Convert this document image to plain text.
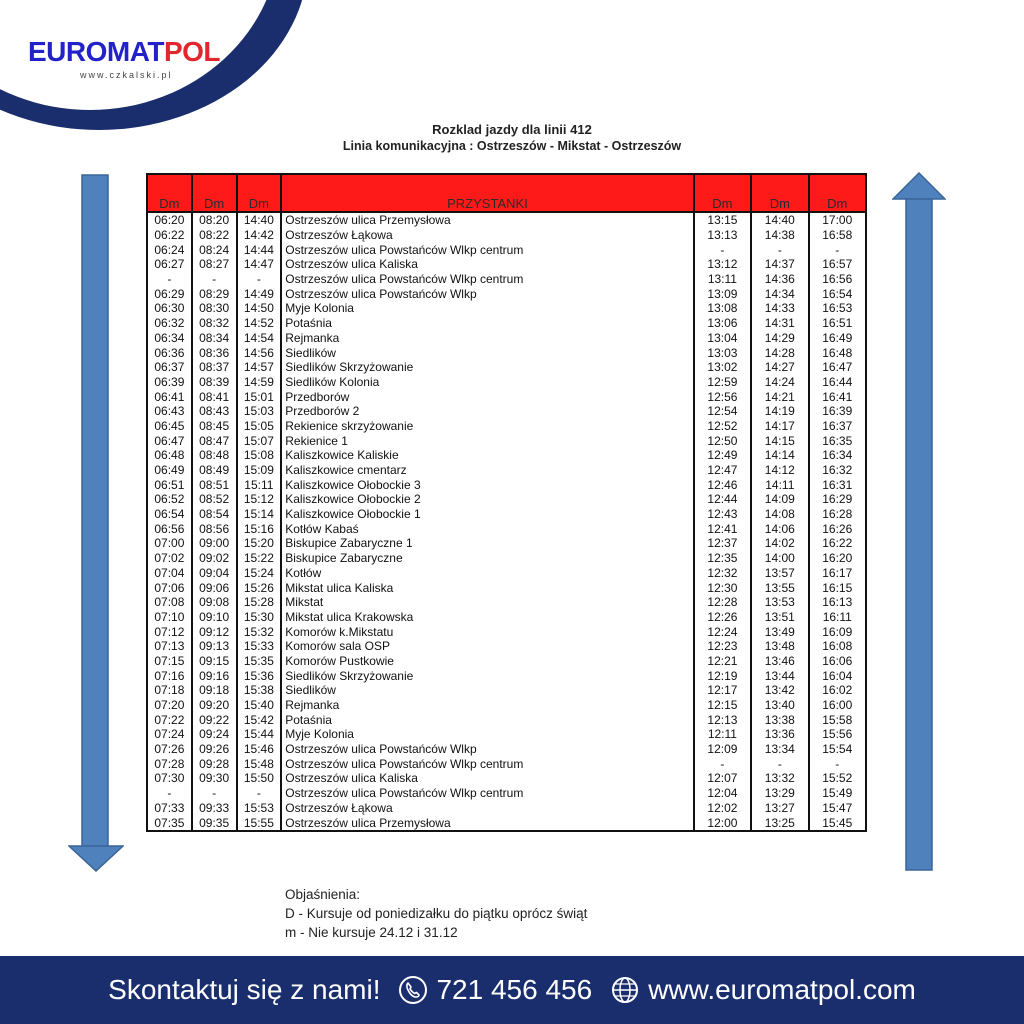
EUROMATPOL
www.czkalski.pl
Rozklad jazdy dla linii 412
Linia komunikacyjna : Ostrzeszów - Mikstat - Ostrzeszów
Dm	Dm	Dm	PRZYSTANKI	Dm	Dm	Dm
06:20	08:20	14:40	Ostrzeszów ulica Przemysłowa	13:15	14:40	17:00
06:22	08:22	14:42	Ostrzeszów Łąkowa	13:13	14:38	16:58
06:24	08:24	14:44	Ostrzeszów ulica Powstańców Wlkp centrum	-	-	-
06:27	08:27	14:47	Ostrzeszów ulica Kaliska	13:12	14:37	16:57
-	-	-	Ostrzeszów ulica Powstańców Wlkp centrum	13:11	14:36	16:56
06:29	08:29	14:49	Ostrzeszów ulica Powstańców Wlkp	13:09	14:34	16:54
06:30	08:30	14:50	Myje Kolonia	13:08	14:33	16:53
06:32	08:32	14:52	Potaśnia	13:06	14:31	16:51
06:34	08:34	14:54	Rejmanka	13:04	14:29	16:49
06:36	08:36	14:56	Siedlików	13:03	14:28	16:48
06:37	08:37	14:57	Siedlików Skrzyżowanie	13:02	14:27	16:47
06:39	08:39	14:59	Siedlików Kolonia	12:59	14:24	16:44
06:41	08:41	15:01	Przedborów	12:56	14:21	16:41
06:43	08:43	15:03	Przedborów 2	12:54	14:19	16:39
06:45	08:45	15:05	Rekienice skrzyżowanie	12:52	14:17	16:37
06:47	08:47	15:07	Rekienice 1	12:50	14:15	16:35
06:48	08:48	15:08	Kaliszkowice Kaliskie	12:49	14:14	16:34
06:49	08:49	15:09	Kaliszkowice cmentarz	12:47	14:12	16:32
06:51	08:51	15:11	Kaliszkowice Ołobockie 3	12:46	14:11	16:31
06:52	08:52	15:12	Kaliszkowice Ołobockie 2	12:44	14:09	16:29
06:54	08:54	15:14	Kaliszkowice Ołobockie 1	12:43	14:08	16:28
06:56	08:56	15:16	Kotłów Kabaś	12:41	14:06	16:26
07:00	09:00	15:20	Biskupice Zabaryczne 1	12:37	14:02	16:22
07:02	09:02	15:22	Biskupice Zabaryczne	12:35	14:00	16:20
07:04	09:04	15:24	Kotłów	12:32	13:57	16:17
07:06	09:06	15:26	Mikstat ulica Kaliska	12:30	13:55	16:15
07:08	09:08	15:28	Mikstat	12:28	13:53	16:13
07:10	09:10	15:30	Mikstat ulica Krakowska	12:26	13:51	16:11
07:12	09:12	15:32	Komorów k.Mikstatu	12:24	13:49	16:09
07:13	09:13	15:33	Komorów sala OSP	12:23	13:48	16:08
07:15	09:15	15:35	Komorów Pustkowie	12:21	13:46	16:06
07:16	09:16	15:36	Siedlików Skrzyżowanie	12:19	13:44	16:04
07:18	09:18	15:38	Siedlików	12:17	13:42	16:02
07:20	09:20	15:40	Rejmanka	12:15	13:40	16:00
07:22	09:22	15:42	Potaśnia	12:13	13:38	15:58
07:24	09:24	15:44	Myje Kolonia	12:11	13:36	15:56
07:26	09:26	15:46	Ostrzeszów ulica Powstańców Wlkp	12:09	13:34	15:54
07:28	09:28	15:48	Ostrzeszów ulica Powstańców Wlkp centrum	-	-	-
07:30	09:30	15:50	Ostrzeszów ulica Kaliska	12:07	13:32	15:52
-	-	-	Ostrzeszów ulica Powstańców Wlkp centrum	12:04	13:29	15:49
07:33	09:33	15:53	Ostrzeszów Łąkowa	12:02	13:27	15:47
07:35	09:35	15:55	Ostrzeszów ulica Przemysłowa	12:00	13:25	15:45
Objaśnienia:
D - Kursuje od poniedizałku do piątku oprócz świąt
m - Nie kursuje 24.12 i 31.12
Skontaktuj się z nami! 721 456 456 www.euromatpol.com
